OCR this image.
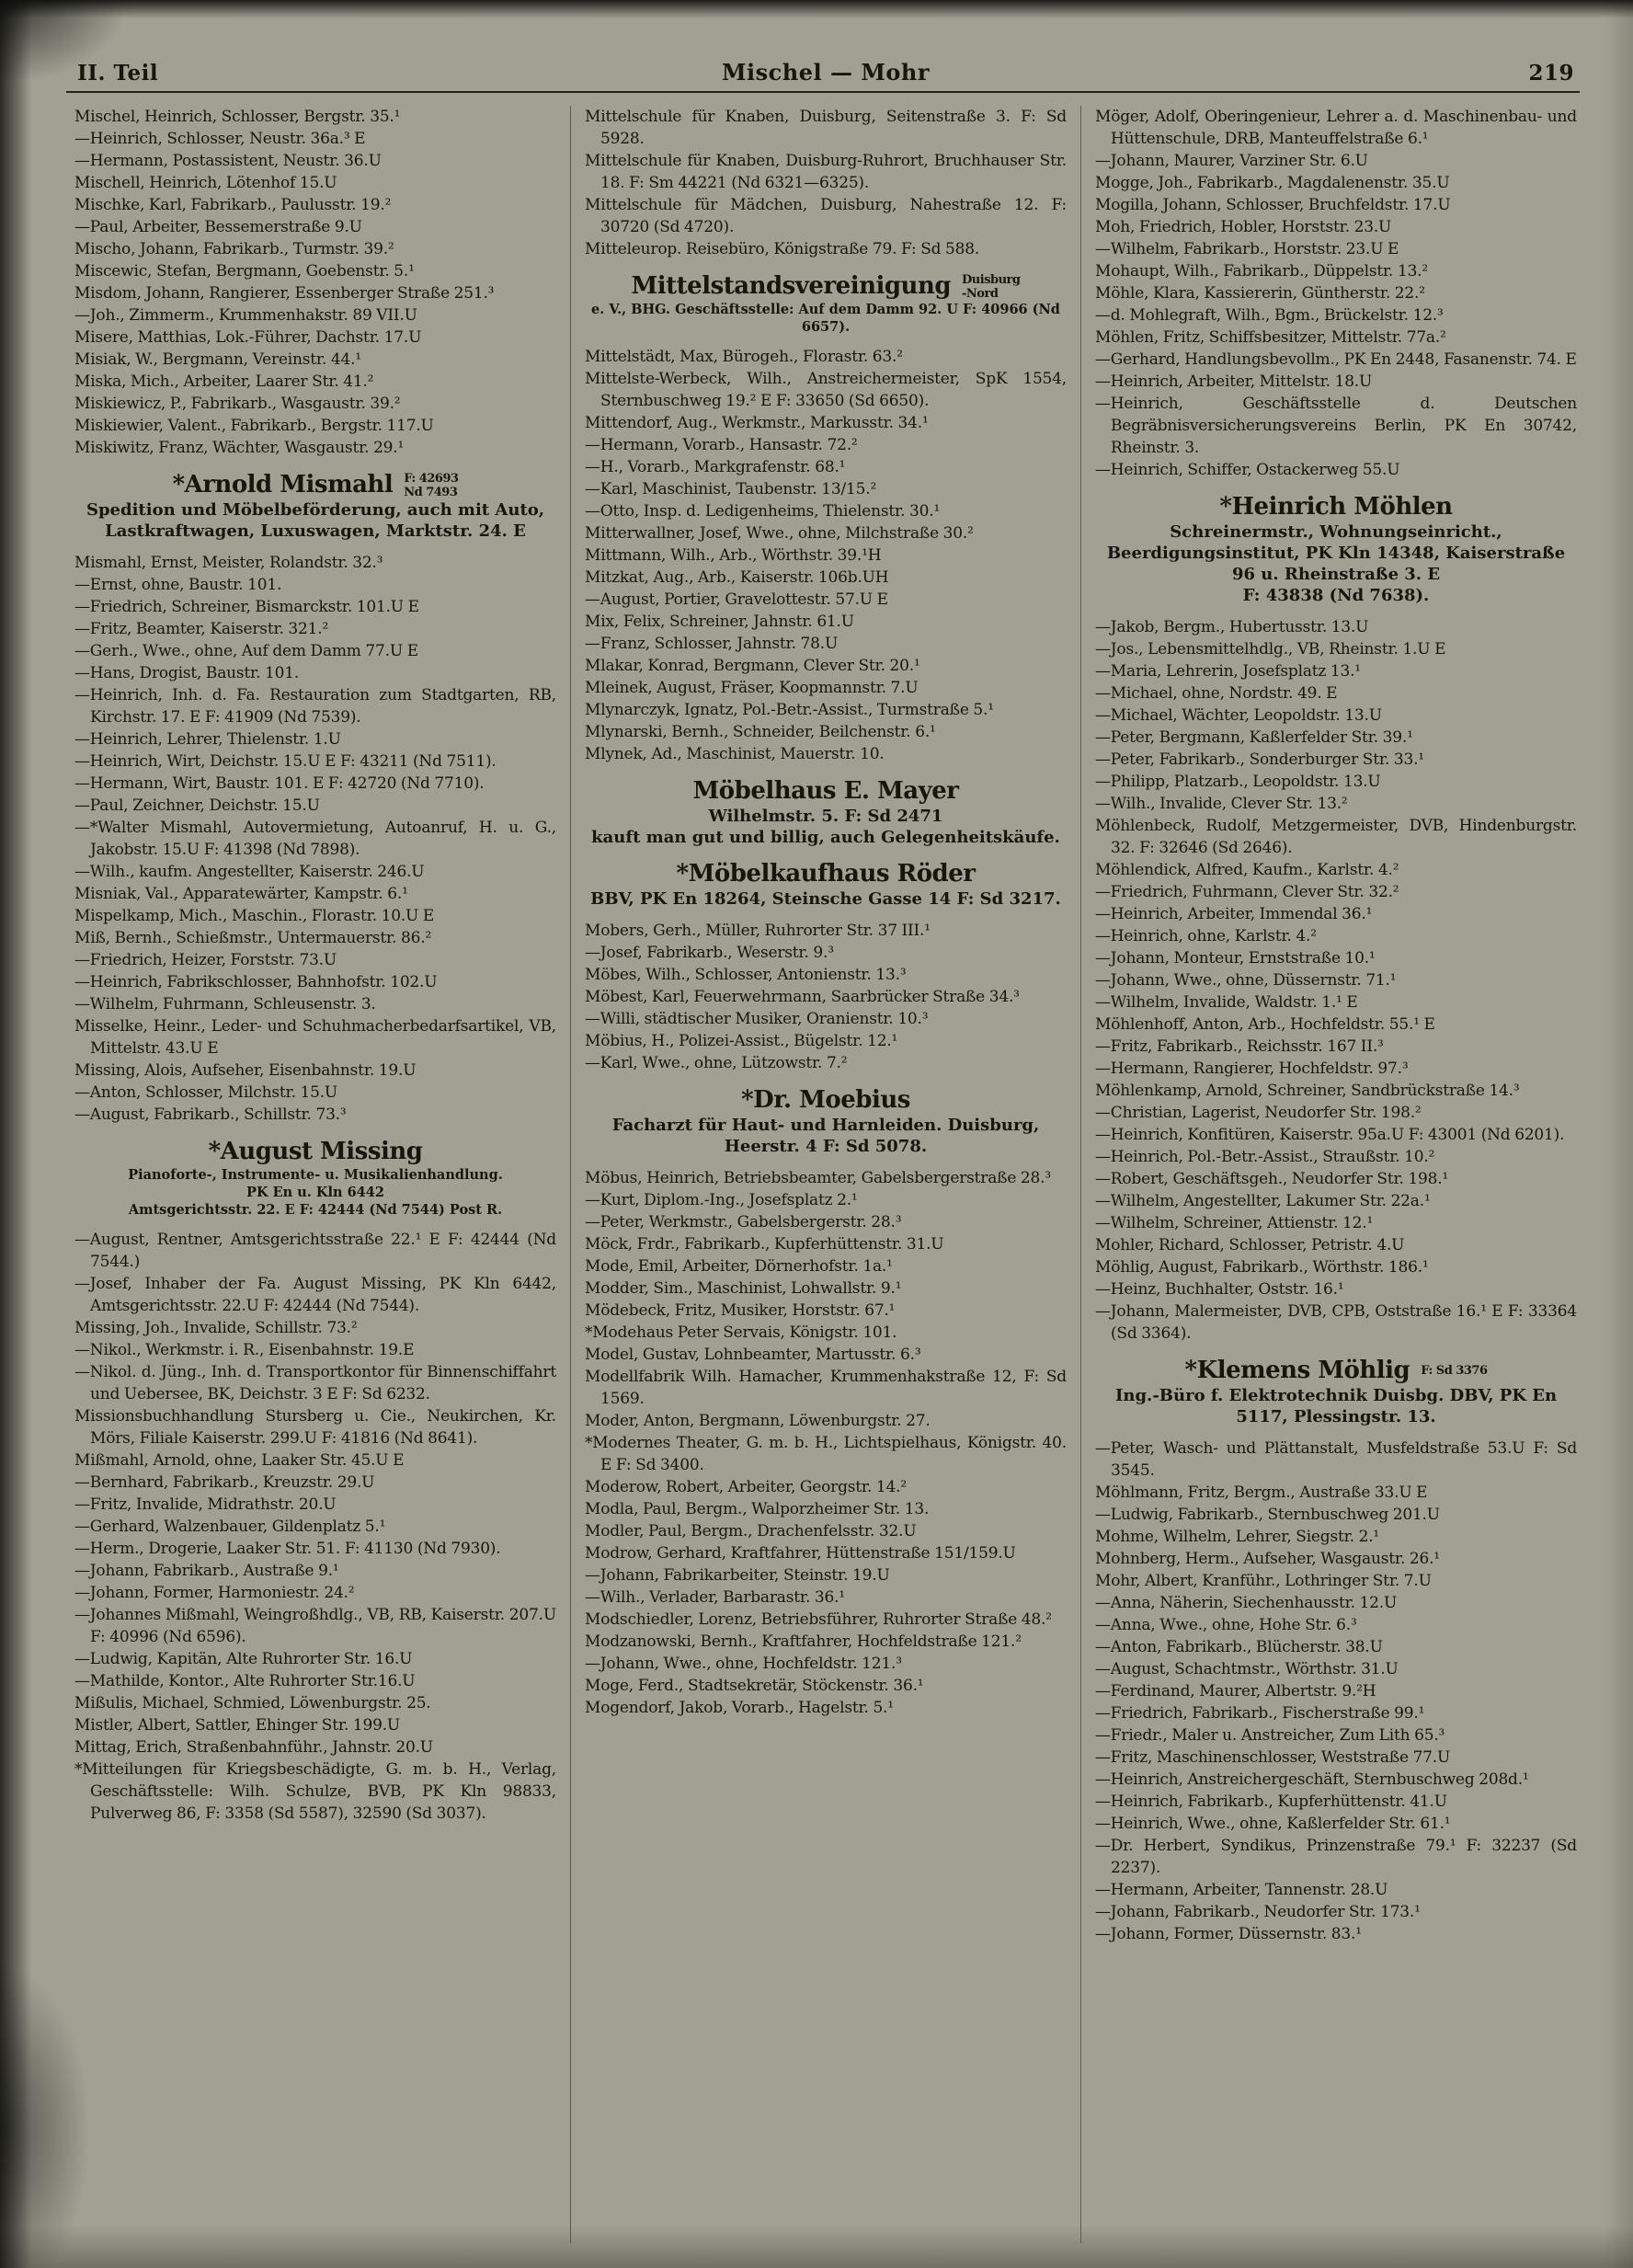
II. Teil	Mischel — Mohr	219

Mischel, Heinrich, Schlosser, Bergstr. 35.¹

—Heinrich, Schlosser, Neustr. 36a.³ E

—Hermann, Postassistent, Neustr. 36.U

Mischell, Heinrich, Lötenhof 15.U

Mischke, Karl, Fabrikarb., Paulusstr. 19.²

—Paul, Arbeiter, Bessemerstraße 9.U

Mischo, Johann, Fabrikarb., Turmstr. 39.²

Miscewic, Stefan, Bergmann, Goebenstr. 5.¹

Misdom, Johann, Rangierer, Essenberger Straße 251.³

—Joh., Zimmerm., Krummenhakstr. 89 VII.U

Misere, Matthias, Lok.-Führer, Dachstr. 17.U

Misiak, W., Bergmann, Vereinstr. 44.¹

Miska, Mich., Arbeiter, Laarer Str. 41.²

Miskiewicz, P., Fabrikarb., Wasgaustr. 39.²

Miskiewier, Valent., Fabrikarb., Bergstr. 117.U

Miskiwitz, Franz, Wächter, Wasgaustr. 29.¹

*Arnold Mismahl F: 42693
Nd 7493
Spedition und Möbelbeförderung, auch mit Auto, Lastkraftwagen, Luxuswagen, Marktstr. 24. E

Mismahl, Ernst, Meister, Rolandstr. 32.³

—Ernst, ohne, Baustr. 101.

—Friedrich, Schreiner, Bismarckstr. 101.U E

—Fritz, Beamter, Kaiserstr. 321.²

—Gerh., Wwe., ohne, Auf dem Damm 77.U E

—Hans, Drogist, Baustr. 101.

—Heinrich, Inh. d. Fa. Restauration zum Stadtgarten, RB, Kirchstr. 17. E F: 41909 (Nd 7539).

—Heinrich, Lehrer, Thielenstr. 1.U

—Heinrich, Wirt, Deichstr. 15.U E F: 43211 (Nd 7511).

—Hermann, Wirt, Baustr. 101. E F: 42720 (Nd 7710).

—Paul, Zeichner, Deichstr. 15.U

—*Walter Mismahl, Autovermietung, Autoanruf, H. u. G., Jakobstr. 15.U F: 41398 (Nd 7898).

—Wilh., kaufm. Angestellter, Kaiserstr. 246.U

Misniak, Val., Apparatewärter, Kampstr. 6.¹

Mispelkamp, Mich., Maschin., Florastr. 10.U E

Miß, Bernh., Schießmstr., Untermauerstr. 86.²

—Friedrich, Heizer, Forststr. 73.U

—Heinrich, Fabrikschlosser, Bahnhofstr. 102.U

—Wilhelm, Fuhrmann, Schleusenstr. 3.

Misselke, Heinr., Leder- und Schuhmacherbedarfsartikel, VB, Mittelstr. 43.U E

Missing, Alois, Aufseher, Eisenbahnstr. 19.U

—Anton, Schlosser, Milchstr. 15.U

—August, Fabrikarb., Schillstr. 73.³

*August Missing
Pianoforte-, Instrumente- u. Musikalienhandlung.
PK En u. Kln 6442
Amtsgerichtsstr. 22. E F: 42444 (Nd 7544) Post R.

—August, Rentner, Amtsgerichtsstraße 22.¹ E F: 42444 (Nd 7544.)

—Josef, Inhaber der Fa. August Missing, PK Kln 6442, Amtsgerichtsstr. 22.U F: 42444 (Nd 7544).

Missing, Joh., Invalide, Schillstr. 73.²

—Nikol., Werkmstr. i. R., Eisenbahnstr. 19.E

—Nikol. d. Jüng., Inh. d. Transportkontor für Binnenschiffahrt und Uebersee, BK, Deichstr. 3 E F: Sd 6232.

Missionsbuchhandlung Stursberg u. Cie., Neukirchen, Kr. Mörs, Filiale Kaiserstr. 299.U F: 41816 (Nd 8641).

Mißmahl, Arnold, ohne, Laaker Str. 45.U E

—Bernhard, Fabrikarb., Kreuzstr. 29.U

—Fritz, Invalide, Midrathstr. 20.U

—Gerhard, Walzenbauer, Gildenplatz 5.¹

—Herm., Drogerie, Laaker Str. 51. F: 41130 (Nd 7930).

—Johann, Fabrikarb., Austraße 9.¹

—Johann, Former, Harmoniestr. 24.²

—Johannes Mißmahl, Weingroßhdlg., VB, RB, Kaiserstr. 207.U F: 40996 (Nd 6596).

—Ludwig, Kapitän, Alte Ruhrorter Str. 16.U

—Mathilde, Kontor., Alte Ruhrorter Str.16.U

Mißulis, Michael, Schmied, Löwenburgstr. 25.

Mistler, Albert, Sattler, Ehinger Str. 199.U

Mittag, Erich, Straßenbahnführ., Jahnstr. 20.U

*Mitteilungen für Kriegsbeschädigte, G. m. b. H., Verlag, Geschäftsstelle: Wilh. Schulze, BVB, PK Kln 98833, Pulverweg 86, F: 3358 (Sd 5587), 32590 (Sd 3037).

Mittelschule für Knaben, Duisburg, Seitenstraße 3. F: Sd 5928.

Mittelschule für Knaben, Duisburg-Ruhrort, Bruchhauser Str. 18. F: Sm 44221 (Nd 6321—6325).

Mittelschule für Mädchen, Duisburg, Nahestraße 12. F: 30720 (Sd 4720).

Mitteleurop. Reisebüro, Königstraße 79. F: Sd 588.

Mittelstandsvereinigung Duisburg
-Nord
e. V., BHG. Geschäftsstelle: Auf dem Damm 92. U F: 40966 (Nd 6657).

Mittelstädt, Max, Bürogeh., Florastr. 63.²

Mittelste-Werbeck, Wilh., Anstreichermeister, SpK 1554, Sternbuschweg 19.² E F: 33650 (Sd 6650).

Mittendorf, Aug., Werkmstr., Markusstr. 34.¹

—Hermann, Vorarb., Hansastr. 72.²

—H., Vorarb., Markgrafenstr. 68.¹

—Karl, Maschinist, Taubenstr. 13/15.²

—Otto, Insp. d. Ledigenheims, Thielenstr. 30.¹

Mitterwallner, Josef, Wwe., ohne, Milchstraße 30.²

Mittmann, Wilh., Arb., Wörthstr. 39.¹H

Mitzkat, Aug., Arb., Kaiserstr. 106b.UH

—August, Portier, Gravelottestr. 57.U E

Mix, Felix, Schreiner, Jahnstr. 61.U

—Franz, Schlosser, Jahnstr. 78.U

Mlakar, Konrad, Bergmann, Clever Str. 20.¹

Mleinek, August, Fräser, Koopmannstr. 7.U

Mlynarczyk, Ignatz, Pol.-Betr.-Assist., Turmstraße 5.¹

Mlynarski, Bernh., Schneider, Beilchenstr. 6.¹

Mlynek, Ad., Maschinist, Mauerstr. 10.

Möbelhaus E. Mayer
Wilhelmstr. 5. F: Sd 2471
kauft man gut und billig, auch Gelegenheitskäufe.
*Möbelkaufhaus Röder
BBV, PK En 18264, Steinsche Gasse 14 F: Sd 3217.

Mobers, Gerh., Müller, Ruhrorter Str. 37 III.¹

—Josef, Fabrikarb., Weserstr. 9.³

Möbes, Wilh., Schlosser, Antonienstr. 13.³

Möbest, Karl, Feuerwehrmann, Saarbrücker Straße 34.³

—Willi, städtischer Musiker, Oranienstr. 10.³

Möbius, H., Polizei-Assist., Bügelstr. 12.¹

—Karl, Wwe., ohne, Lützowstr. 7.²

*Dr. Moebius
Facharzt für Haut- und Harnleiden. Duisburg, Heerstr. 4 F: Sd 5078.

Möbus, Heinrich, Betriebsbeamter, Gabelsbergerstraße 28.³

—Kurt, Diplom.-Ing., Josefsplatz 2.¹

—Peter, Werkmstr., Gabelsbergerstr. 28.³

Möck, Frdr., Fabrikarb., Kupferhüttenstr. 31.U

Mode, Emil, Arbeiter, Dörnerhofstr. 1a.¹

Modder, Sim., Maschinist, Lohwallstr. 9.¹

Mödebeck, Fritz, Musiker, Horststr. 67.¹

*Modehaus Peter Servais, Königstr. 101.

Model, Gustav, Lohnbeamter, Martusstr. 6.³

Modellfabrik Wilh. Hamacher, Krummenhakstraße 12, F: Sd 1569.

Moder, Anton, Bergmann, Löwenburgstr. 27.

*Modernes Theater, G. m. b. H., Lichtspielhaus, Königstr. 40. E F: Sd 3400.

Moderow, Robert, Arbeiter, Georgstr. 14.²

Modla, Paul, Bergm., Walporzheimer Str. 13.

Modler, Paul, Bergm., Drachenfelsstr. 32.U

Modrow, Gerhard, Kraftfahrer, Hüttenstraße 151/159.U

—Johann, Fabrikarbeiter, Steinstr. 19.U

—Wilh., Verlader, Barbarastr. 36.¹

Modschiedler, Lorenz, Betriebsführer, Ruhrorter Straße 48.²

Modzanowski, Bernh., Kraftfahrer, Hochfeldstraße 121.²

—Johann, Wwe., ohne, Hochfeldstr. 121.³

Moge, Ferd., Stadtsekretär, Stöckenstr. 36.¹

Mogendorf, Jakob, Vorarb., Hagelstr. 5.¹

Möger, Adolf, Oberingenieur, Lehrer a. d. Maschinenbau- und Hüttenschule, DRB, Manteuffelstraße 6.¹

—Johann, Maurer, Varziner Str. 6.U

Mogge, Joh., Fabrikarb., Magdalenenstr. 35.U

Mogilla, Johann, Schlosser, Bruchfeldstr. 17.U

Moh, Friedrich, Hobler, Horststr. 23.U

—Wilhelm, Fabrikarb., Horststr. 23.U E

Mohaupt, Wilh., Fabrikarb., Düppelstr. 13.²

Möhle, Klara, Kassiererin, Güntherstr. 22.²

—d. Mohlegraft, Wilh., Bgm., Brückelstr. 12.³

Möhlen, Fritz, Schiffsbesitzer, Mittelstr. 77a.²

—Gerhard, Handlungsbevollm., PK En 2448, Fasanenstr. 74. E

—Heinrich, Arbeiter, Mittelstr. 18.U

—Heinrich, Geschäftsstelle d. Deutschen Begräbnisversicherungsvereins Berlin, PK En 30742, Rheinstr. 3.

—Heinrich, Schiffer, Ostackerweg 55.U

*Heinrich Möhlen
Schreinermstr., Wohnungseinricht., Beerdigungsinstitut, PK Kln 14348, Kaiserstraße 96 u. Rheinstraße 3. E
F: 43838 (Nd 7638).

—Jakob, Bergm., Hubertusstr. 13.U

—Jos., Lebensmittelhdlg., VB, Rheinstr. 1.U E

—Maria, Lehrerin, Josefsplatz 13.¹

—Michael, ohne, Nordstr. 49. E

—Michael, Wächter, Leopoldstr. 13.U

—Peter, Bergmann, Kaßlerfelder Str. 39.¹

—Peter, Fabrikarb., Sonderburger Str. 33.¹

—Philipp, Platzarb., Leopoldstr. 13.U

—Wilh., Invalide, Clever Str. 13.²

Möhlenbeck, Rudolf, Metzgermeister, DVB, Hindenburgstr. 32. F: 32646 (Sd 2646).

Möhlendick, Alfred, Kaufm., Karlstr. 4.²

—Friedrich, Fuhrmann, Clever Str. 32.²

—Heinrich, Arbeiter, Immendal 36.¹

—Heinrich, ohne, Karlstr. 4.²

—Johann, Monteur, Ernststraße 10.¹

—Johann, Wwe., ohne, Düssernstr. 71.¹

—Wilhelm, Invalide, Waldstr. 1.¹ E

Möhlenhoff, Anton, Arb., Hochfeldstr. 55.¹ E

—Fritz, Fabrikarb., Reichsstr. 167 II.³

—Hermann, Rangierer, Hochfeldstr. 97.³

Möhlenkamp, Arnold, Schreiner, Sandbrückstraße 14.³

—Christian, Lagerist, Neudorfer Str. 198.²

—Heinrich, Konfitüren, Kaiserstr. 95a.U F: 43001 (Nd 6201).

—Heinrich, Pol.-Betr.-Assist., Straußstr. 10.²

—Robert, Geschäftsgeh., Neudorfer Str. 198.¹

—Wilhelm, Angestellter, Lakumer Str. 22a.¹

—Wilhelm, Schreiner, Attienstr. 12.¹

Mohler, Richard, Schlosser, Petristr. 4.U

Möhlig, August, Fabrikarb., Wörthstr. 186.¹

—Heinz, Buchhalter, Oststr. 16.¹

—Johann, Malermeister, DVB, CPB, Oststraße 16.¹ E F: 33364 (Sd 3364).

*Klemens Möhlig F: Sd 3376
Ing.-Büro f. Elektrotechnik Duisbg. DBV, PK En 5117, Plessingstr. 13.

—Peter, Wasch- und Plättanstalt, Musfeldstraße 53.U F: Sd 3545.

Möhlmann, Fritz, Bergm., Austraße 33.U E

—Ludwig, Fabrikarb., Sternbuschweg 201.U

Mohme, Wilhelm, Lehrer, Siegstr. 2.¹

Mohnberg, Herm., Aufseher, Wasgaustr. 26.¹

Mohr, Albert, Kranführ., Lothringer Str. 7.U

—Anna, Näherin, Siechenhausstr. 12.U

—Anna, Wwe., ohne, Hohe Str. 6.³

—Anton, Fabrikarb., Blücherstr. 38.U

—August, Schachtmstr., Wörthstr. 31.U

—Ferdinand, Maurer, Albertstr. 9.²H

—Friedrich, Fabrikarb., Fischerstraße 99.¹

—Friedr., Maler u. Anstreicher, Zum Lith 65.³

—Fritz, Maschinenschlosser, Weststraße 77.U

—Heinrich, Anstreichergeschäft, Sternbuschweg 208d.¹

—Heinrich, Fabrikarb., Kupferhüttenstr. 41.U

—Heinrich, Wwe., ohne, Kaßlerfelder Str. 61.¹

—Dr. Herbert, Syndikus, Prinzenstraße 79.¹ F: 32237 (Sd 2237).

—Hermann, Arbeiter, Tannenstr. 28.U

—Johann, Fabrikarb., Neudorfer Str. 173.¹

—Johann, Former, Düssernstr. 83.¹
